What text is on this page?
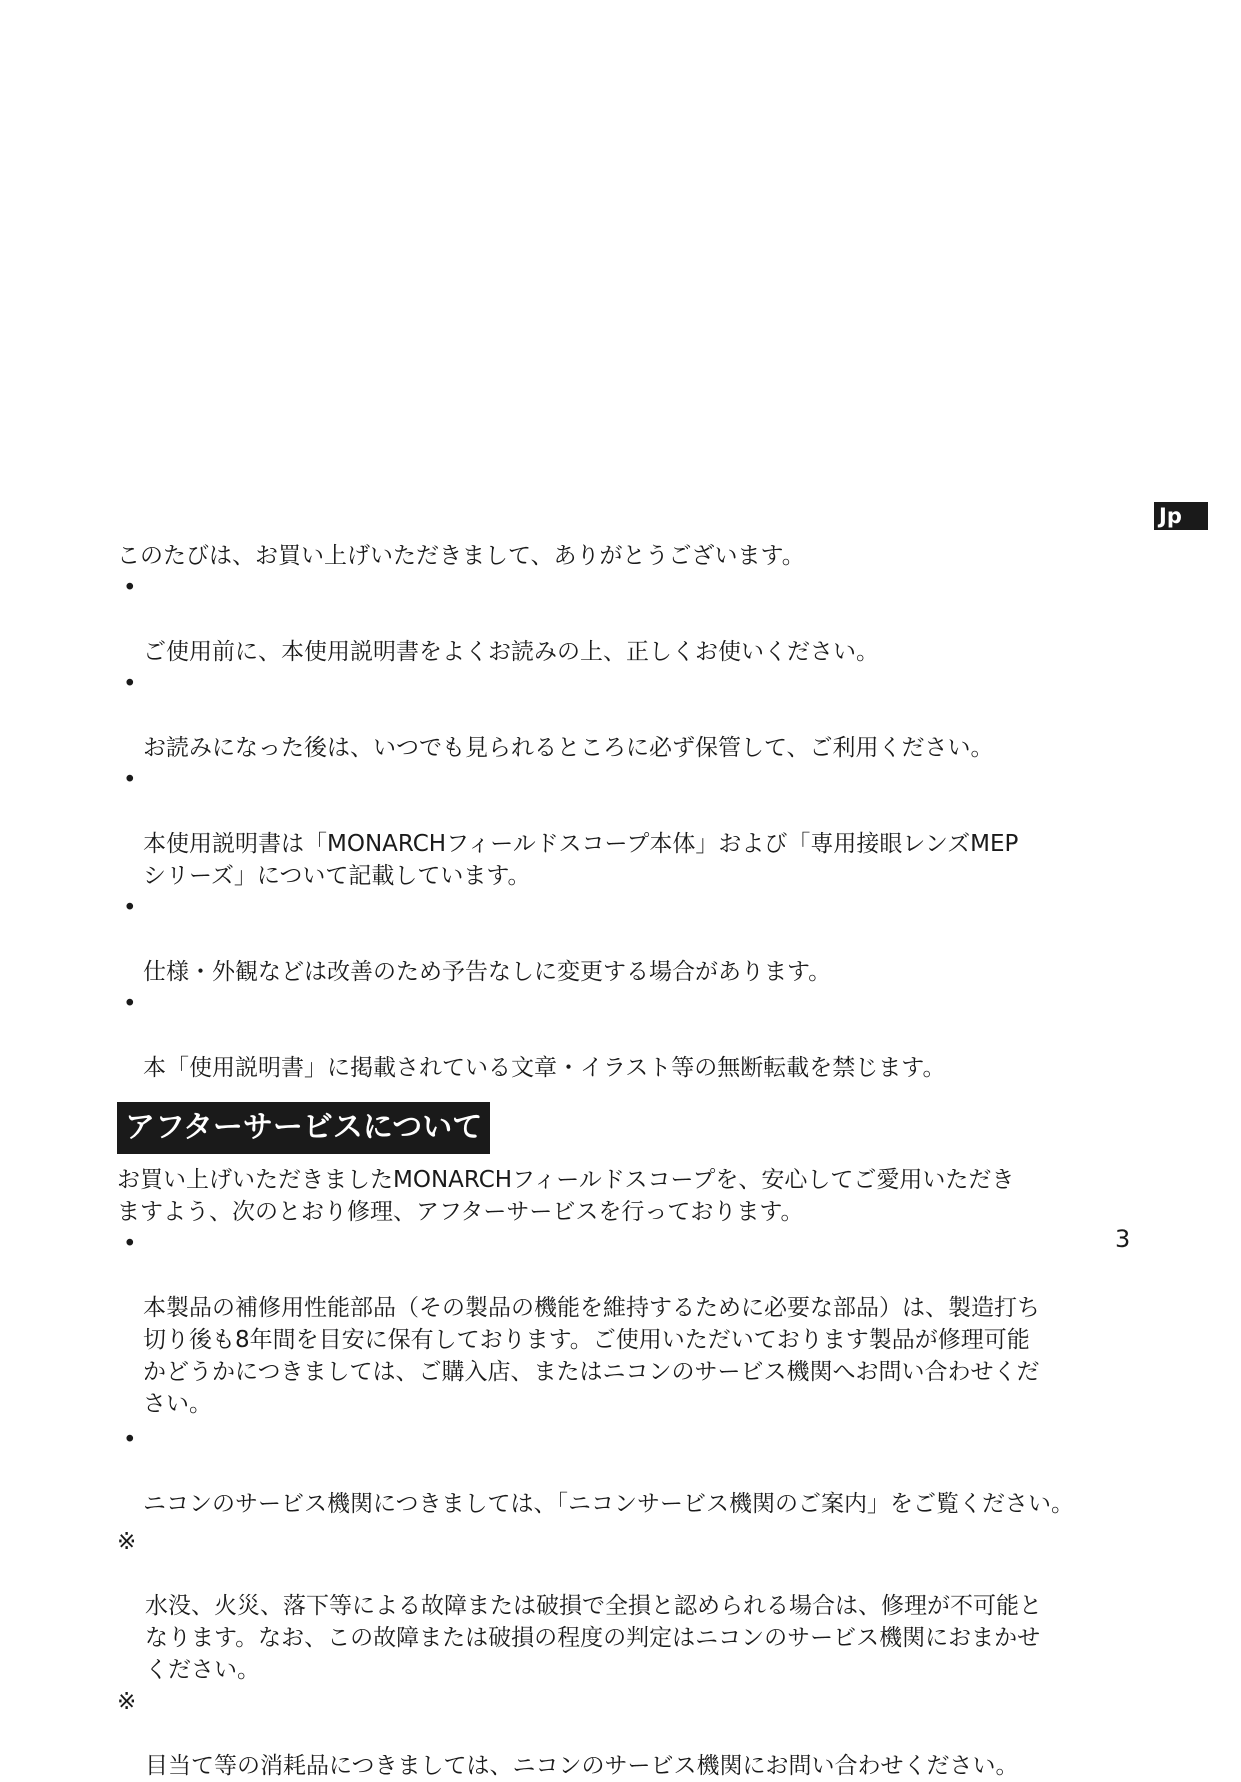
Jp

このたびは、お買い上げいただきまして、ありがとうございます。

•

ご使用前に、本使用説明書をよくお読みの上、正しくお使いください。

•

お読みになった後は、いつでも見られるところに必ず保管して、ご利用ください。

•

本使用説明書は「MONARCHフィールドスコープ本体」および「専用接眼レンズMEP
シリーズ」について記載しています。

•

仕様・外観などは改善のため予告なしに変更する場合があります。

•

本「使用説明書」に掲載されている文章・イラスト等の無断転載を禁じます。

アフターサービスについて

お買い上げいただきましたMONARCHフィールドスコープを、安心してご愛用いただき
ますよう、次のとおり修理、アフターサービスを行っております。

•

本製品の補修用性能部品（その製品の機能を維持するために必要な部品）は、製造打ち
切り後も8年間を目安に保有しております。ご使用いただいております製品が修理可能
かどうかにつきましては、ご購入店、またはニコンのサービス機関へお問い合わせくだ
さい。

•

ニコンのサービス機関につきましては、「ニコンサービス機関のご案内」をご覧ください。

※

水没、火災、落下等による故障または破損で全損と認められる場合は、修理が不可能と
なります。なお、この故障または破損の程度の判定はニコンのサービス機関におまかせ
ください。

※

目当て等の消耗品につきましては、ニコンのサービス機関にお問い合わせください。

3
